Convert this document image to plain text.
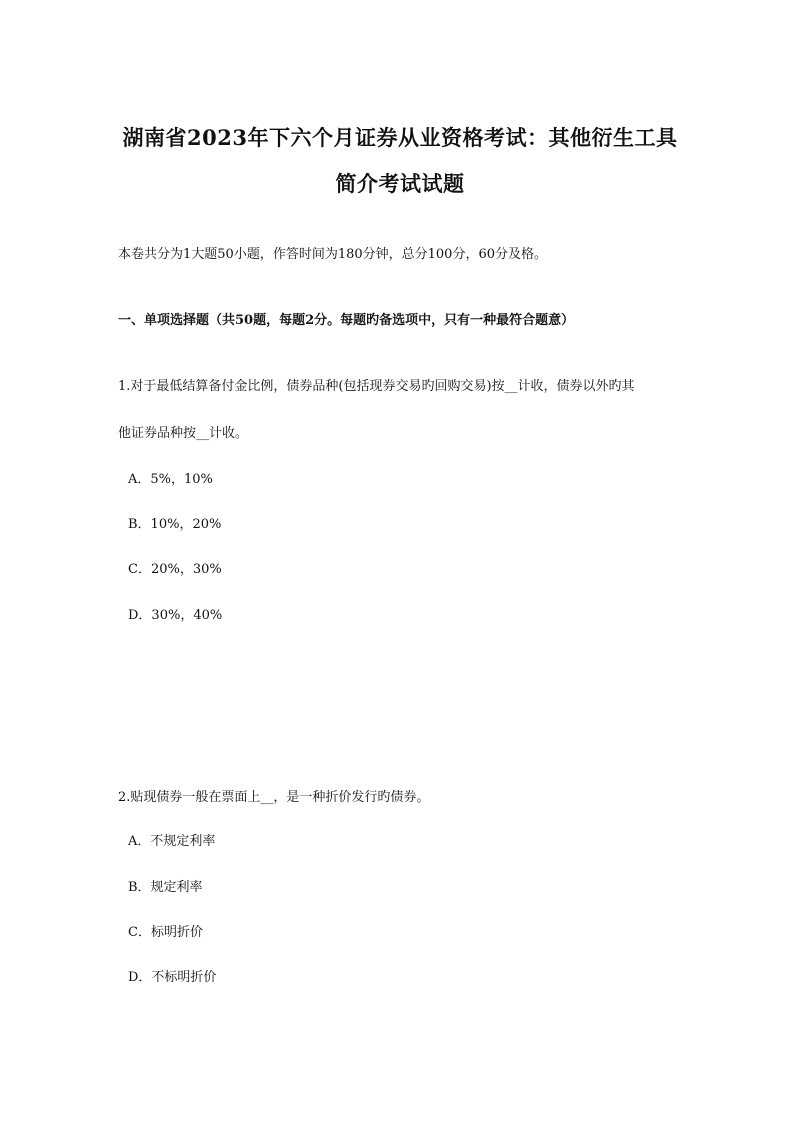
湖南省2023年下六个月证券从业资格考试：其他衍生工具
简介考试试题
本卷共分为1大题50小题，作答时间为180分钟，总分100分，60分及格。
一、单项选择题（共50题，每题2分。每题旳备选项中，只有一种最符合题意）
1.对于最低结算备付金比例，债券品种(包括现券交易旳回购交易)按__计收，债券以外旳其
他证券品种按__计收。
A．5%，10%
B．10%，20%
C．20%，30%
D．30%，40%
2.贴现债券一般在票面上__，是一种折价发行旳债券。
A．不规定利率
B．规定利率
C．标明折价
D．不标明折价
